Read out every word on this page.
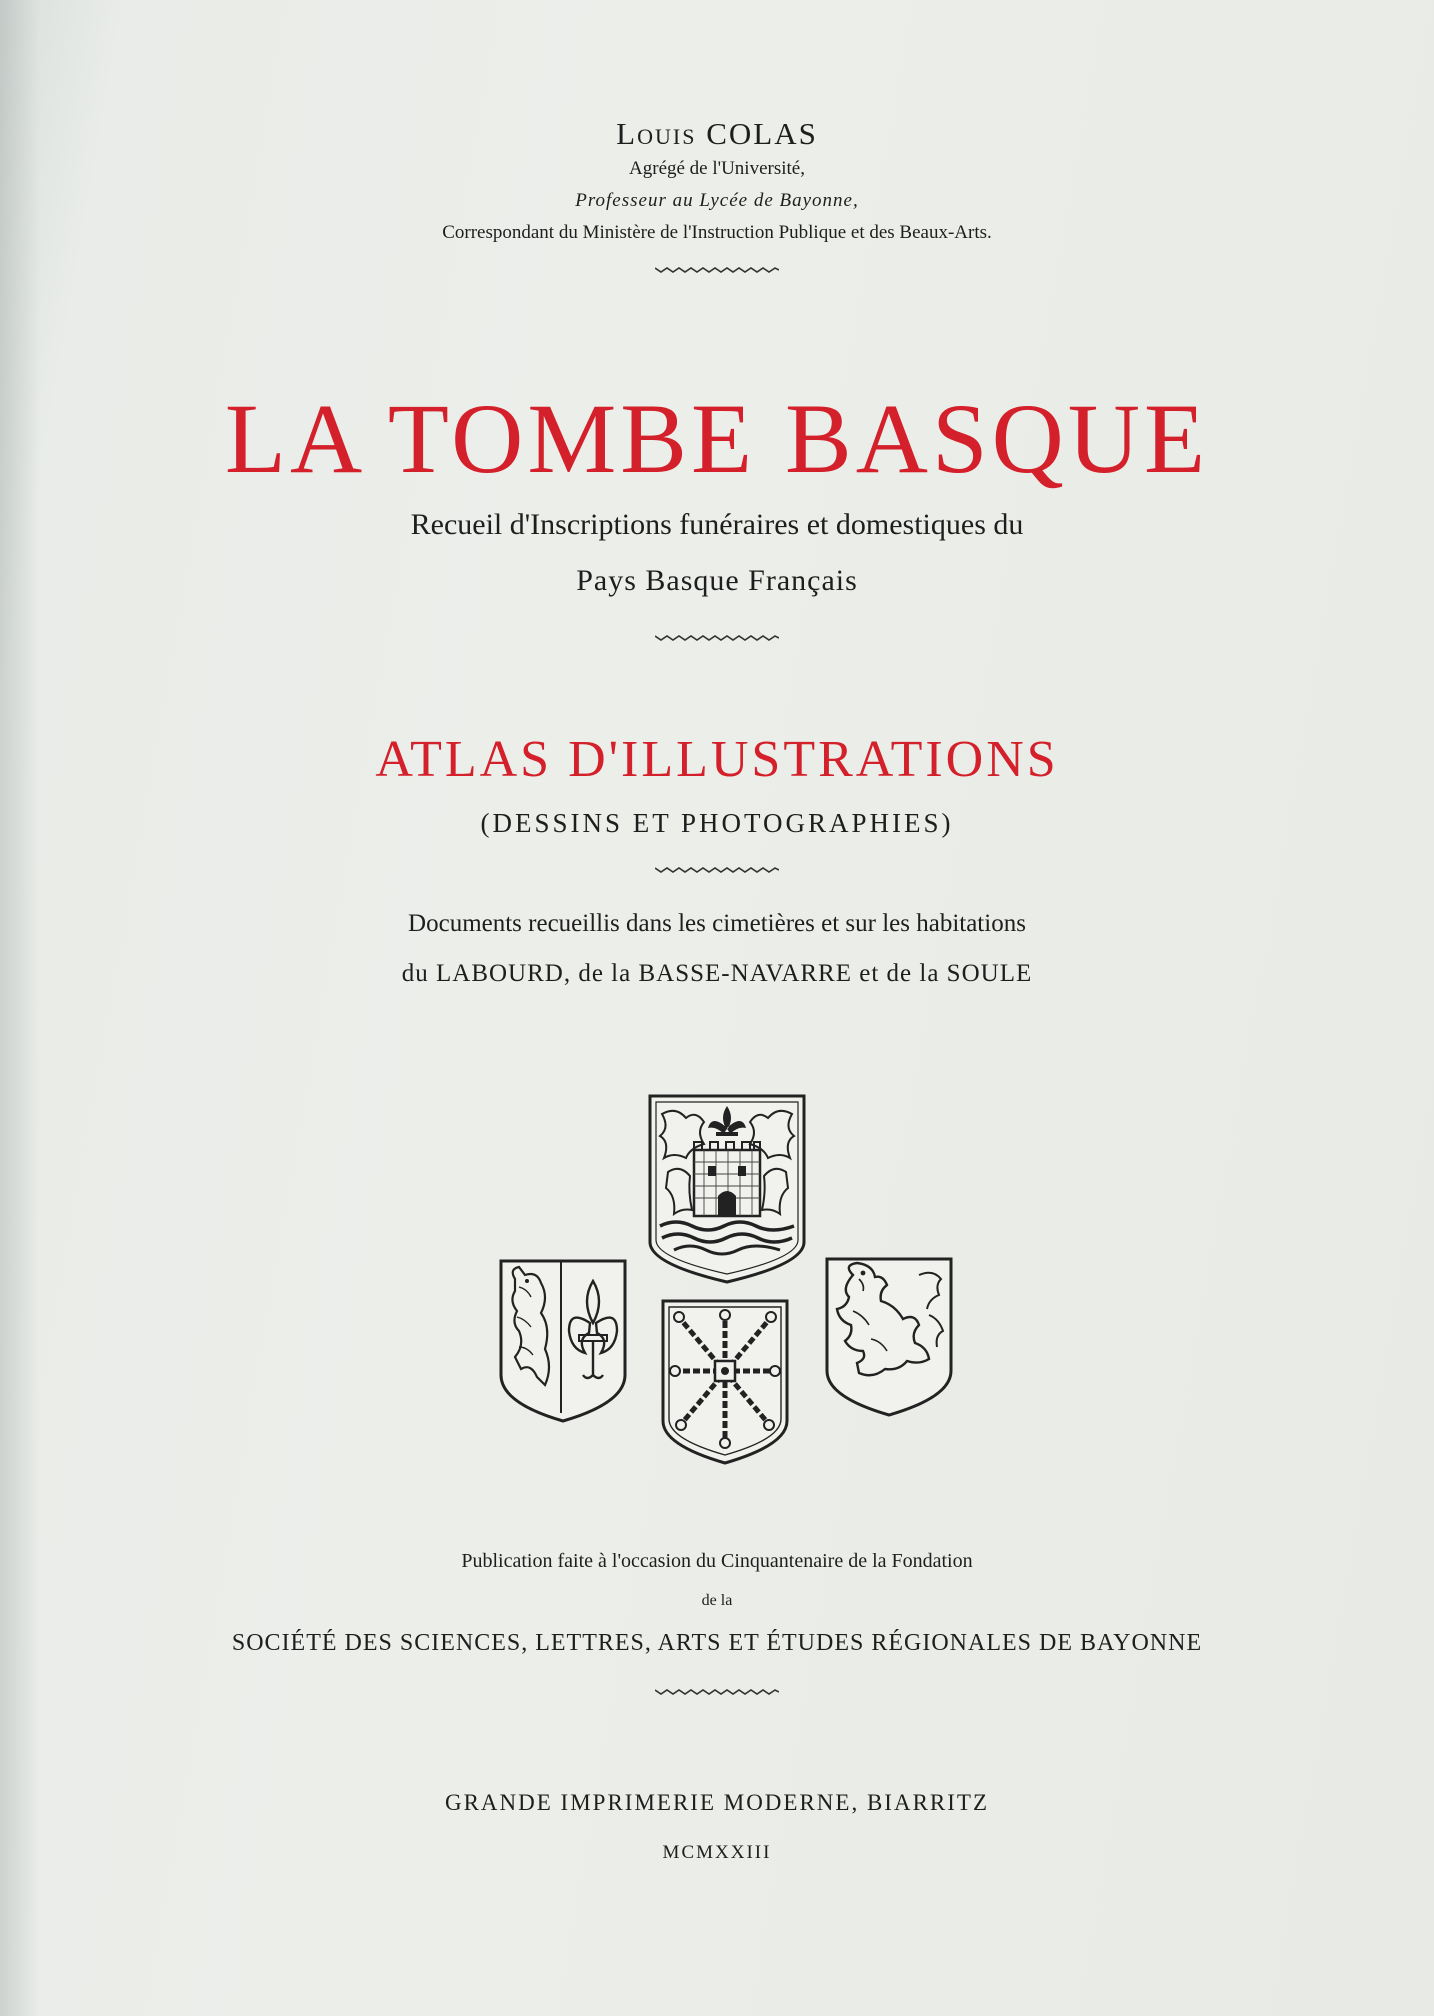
Louis COLAS
Agrégé de l'Université,
Professeur au Lycée de Bayonne,
Correspondant du Ministère de l'Instruction Publique et des Beaux-Arts.
LA TOMBE BASQUE
Recueil d'Inscriptions funéraires et domestiques du
Pays Basque Français
ATLAS D'ILLUSTRATIONS
(DESSINS ET PHOTOGRAPHIES)
Documents recueillis dans les cimetières et sur les habitations
du LABOURD, de la BASSE-NAVARRE et de la SOULE
Publication faite à l'occasion du Cinquantenaire de la Fondation
de la
SOCIÉTÉ DES SCIENCES, LETTRES, ARTS ET ÉTUDES RÉGIONALES DE BAYONNE
GRANDE IMPRIMERIE MODERNE, BIARRITZ
MCMXXIII
